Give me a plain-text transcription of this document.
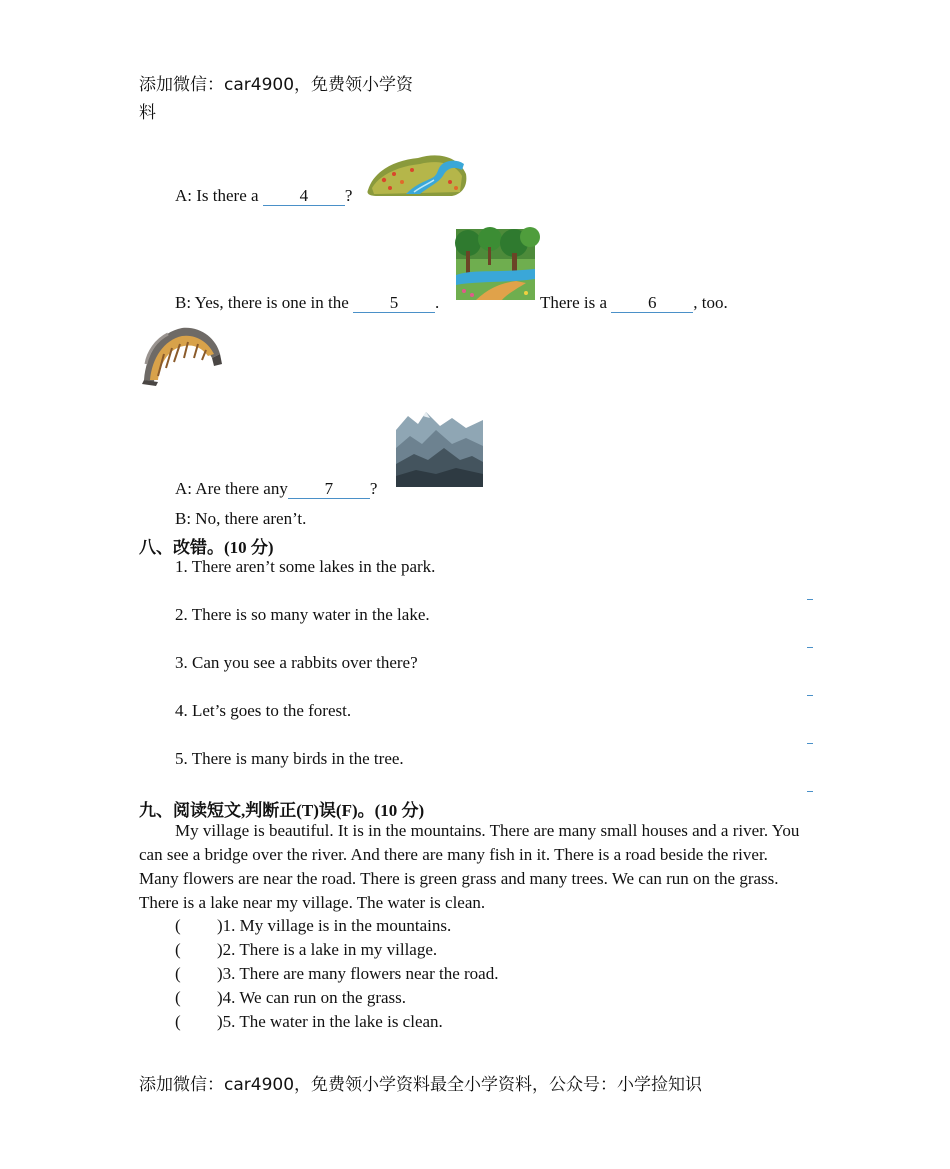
添加微信：car4900，免费领小学资
料
A: Is there a 4 ?
B: Yes, there is one in the 5 .	There is a 6 , too.
A: Are there any 7 ?
B: No, there aren’t.
八、改错。(10 分)
1. There aren’t some lakes in the park.
2. There is so many water in the lake.
3. Can you see a rabbits over there?
4. Let’s goes to the forest.
5. There is many birds in the tree.
九、阅读短文,判断正(T)误(F)。(10 分)
My village is beautiful. It is in the mountains. There are many small houses and a river. You can see a bridge over the river. And there are many fish in it. There is a road beside the river. Many flowers are near the road. There is green grass and many trees. We can run on the grass. There is a lake near my village. The water is clean.
( )1. My village is in the mountains.
( )2. There is a lake in my village.
( )3. There are many flowers near the road.
( )4. We can run on the grass.
( )5. The water in the lake is clean.
添加微信：car4900，免费领小学资料最全小学资料，公众号：小学捡知识
